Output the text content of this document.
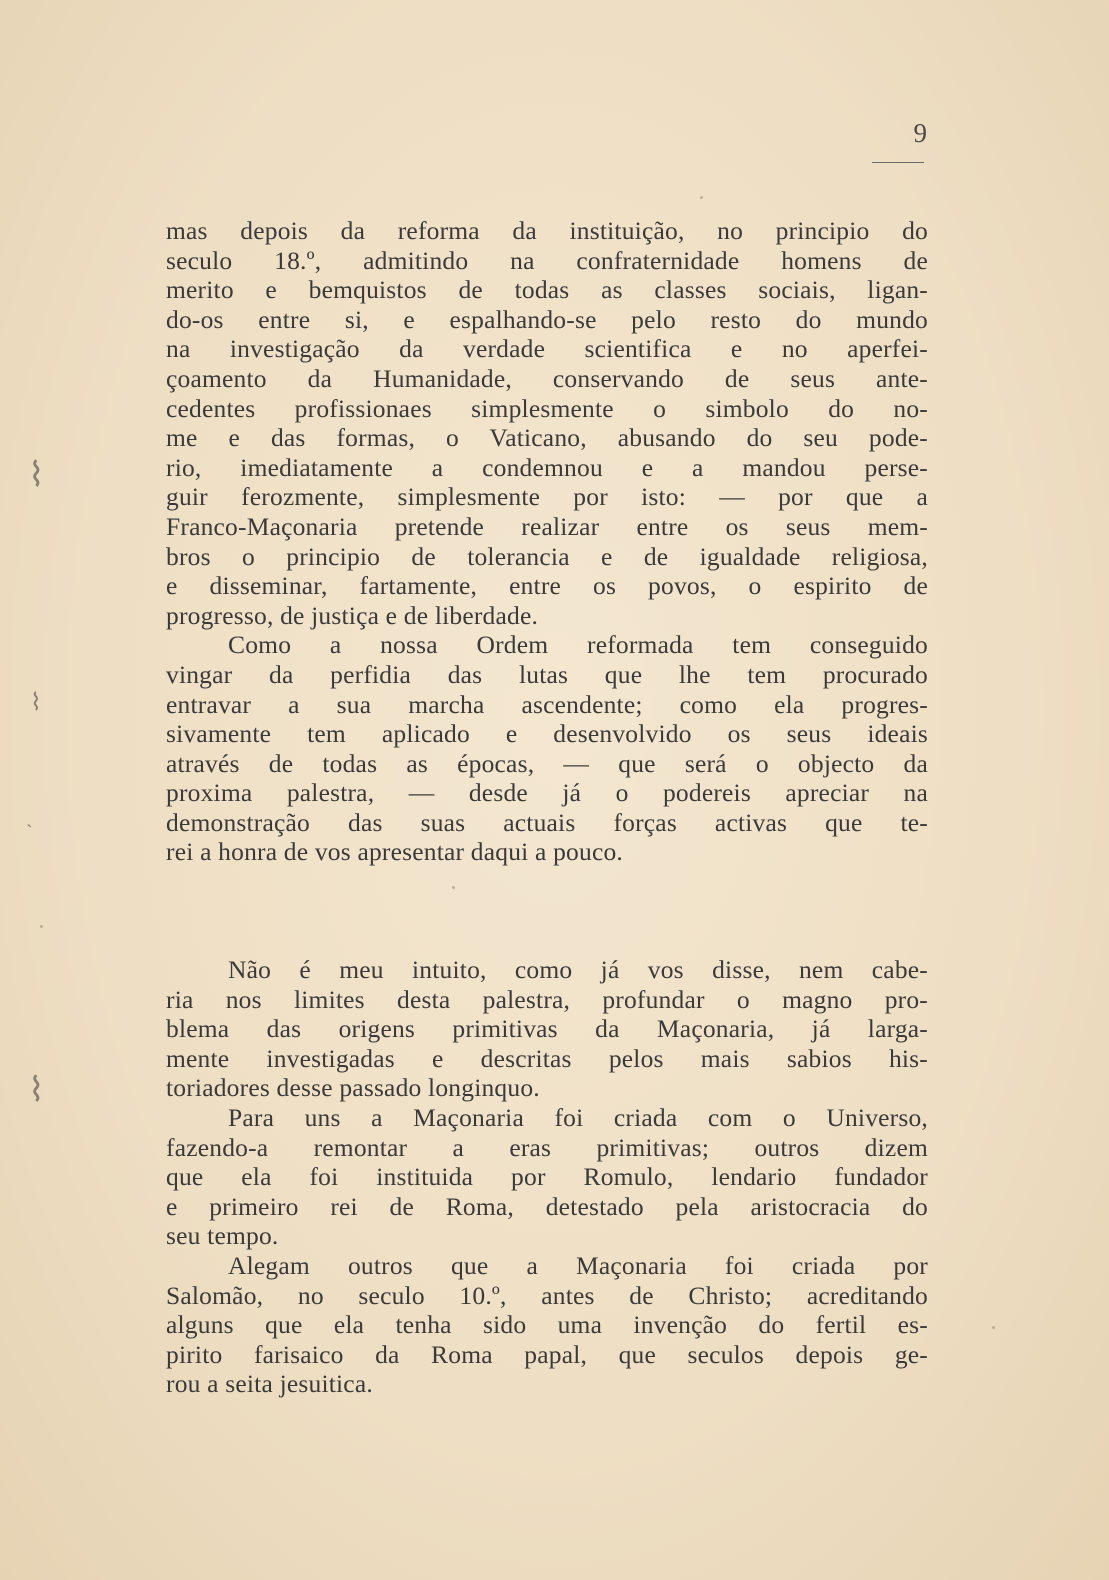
9
mas depois da reforma da instituição, no principio do
seculo 18.º, admitindo na confraternidade homens de
merito e bemquistos de todas as classes sociais, ligan-
do-os entre si, e espalhando-se pelo resto do mundo
na investigação da verdade scientifica e no aperfei-
çoamento da Humanidade, conservando de seus ante-
cedentes profissionaes simplesmente o simbolo do no-
me e das formas, o Vaticano, abusando do seu pode-
rio, imediatamente a condemnou e a mandou perse-
guir ferozmente, simplesmente por isto: — por que a
Franco-Maçonaria pretende realizar entre os seus mem-
bros o principio de tolerancia e de igualdade religiosa,
e disseminar, fartamente, entre os povos, o espirito de
progresso, de justiça e de liberdade.
Como a nossa Ordem reformada tem conseguido
vingar da perfidia das lutas que lhe tem procurado
entravar a sua marcha ascendente; como ela progres-
sivamente tem aplicado e desenvolvido os seus ideais
através de todas as épocas, — que será o objecto da
proxima palestra, — desde já o podereis apreciar na
demonstração das suas actuais forças activas que te-
rei a honra de vos apresentar daqui a pouco.
Não é meu intuito, como já vos disse, nem cabe-
ria nos limites desta palestra, profundar o magno pro-
blema das origens primitivas da Maçonaria, já larga-
mente investigadas e descritas pelos mais sabios his-
toriadores desse passado longinquo.
Para uns a Maçonaria foi criada com o Universo,
fazendo-a remontar a eras primitivas; outros dizem
que ela foi instituida por Romulo, lendario fundador
e primeiro rei de Roma, detestado pela aristocracia do
seu tempo.
Alegam outros que a Maçonaria foi criada por
Salomão, no seculo 10.º, antes de Christo; acreditando
alguns que ela tenha sido uma invenção do fertil es-
pirito farisaico da Roma papal, que seculos depois ge-
rou a seita jesuitica.
⌇
⌇
ˎ
⌇
